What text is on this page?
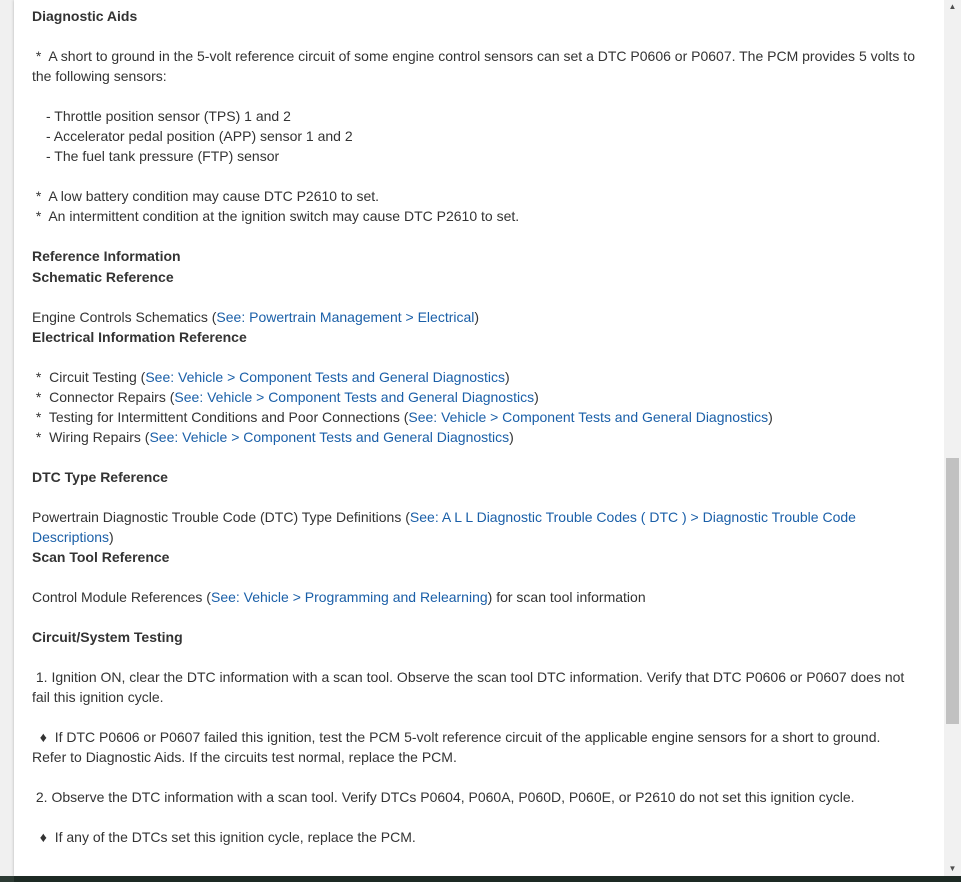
Diagnostic Aids

*  A short to ground in the 5-volt reference circuit of some engine control sensors can set a DTC P0606 or P0607. The PCM provides 5 volts to

the following sensors:

- Throttle position sensor (TPS) 1 and 2

- Accelerator pedal position (APP) sensor 1 and 2

- The fuel tank pressure (FTP) sensor

*  A low battery condition may cause DTC P2610 to set.

*  An intermittent condition at the ignition switch may cause DTC P2610 to set.

Reference Information

Schematic Reference

Engine Controls Schematics (See: Powertrain Management > Electrical)

Electrical Information Reference

*  Circuit Testing (See: Vehicle > Component Tests and General Diagnostics)

*  Connector Repairs (See: Vehicle > Component Tests and General Diagnostics)

*  Testing for Intermittent Conditions and Poor Connections (See: Vehicle > Component Tests and General Diagnostics)

*  Wiring Repairs (See: Vehicle > Component Tests and General Diagnostics)

DTC Type Reference

Powertrain Diagnostic Trouble Code (DTC) Type Definitions (See: A L L Diagnostic Trouble Codes ( DTC ) > Diagnostic Trouble Code
Descriptions)

Scan Tool Reference

Control Module References (See: Vehicle > Programming and Relearning) for scan tool information

Circuit/System Testing

1. Ignition ON, clear the DTC information with a scan tool. Observe the scan tool DTC information. Verify that DTC P0606 or P0607 does not

fail this ignition cycle.

♦  If DTC P0606 or P0607 failed this ignition, test the PCM 5-volt reference circuit of the applicable engine sensors for a short to ground.

Refer to Diagnostic Aids. If the circuits test normal, replace the PCM.

2. Observe the DTC information with a scan tool. Verify DTCs P0604, P060A, P060D, P060E, or P2610 do not set this ignition cycle.

♦  If any of the DTCs set this ignition cycle, replace the PCM.

▲
▼
